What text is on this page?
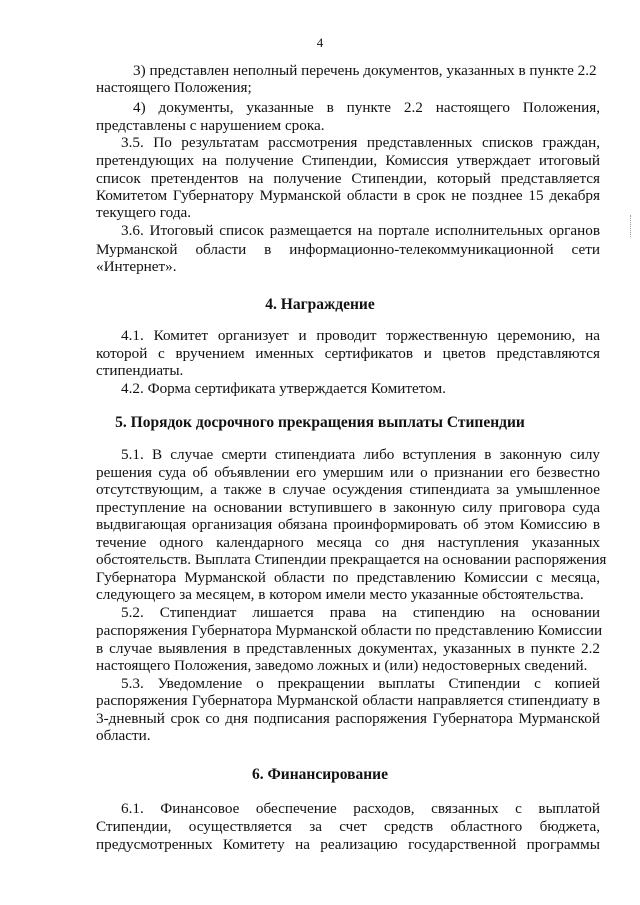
4
3) представлен неполный перечень документов, указанных в пункте 2.2
настоящего Положения;
4) документы, указанные в пункте 2.2 настоящего Положения,
представлены с нарушением срока.
3.5. По результатам рассмотрения представленных списков граждан,
претендующих на получение Стипендии, Комиссия утверждает итоговый
список претендентов на получение Стипендии, который представляется
Комитетом Губернатору Мурманской области в срок не позднее 15 декабря
текущего года.
3.6. Итоговый список размещается на портале исполнительных органов
Мурманской области в информационно-телекоммуникационной сети
«Интернет».
4. Награждение
4.1. Комитет организует и проводит торжественную церемонию, на
которой с вручением именных сертификатов и цветов представляются
стипендиаты.
4.2. Форма сертификата утверждается Комитетом.
5. Порядок досрочного прекращения выплаты Стипендии
5.1. В случае смерти стипендиата либо вступления в законную силу
решения суда об объявлении его умершим или о признании его безвестно
отсутствующим, а также в случае осуждения стипендиата за умышленное
преступление на основании вступившего в законную силу приговора суда
выдвигающая организация обязана проинформировать об этом Комиссию в
течение одного календарного месяца со дня наступления указанных
обстоятельств. Выплата Стипендии прекращается на основании распоряжения
Губернатора Мурманской области по представлению Комиссии с месяца,
следующего за месяцем, в котором имели место указанные обстоятельства.
5.2. Стипендиат лишается права на стипендию на основании
распоряжения Губернатора Мурманской области по представлению Комиссии
в случае выявления в представленных документах, указанных в пункте 2.2
настоящего Положения, заведомо ложных и (или) недостоверных сведений.
5.3. Уведомление о прекращении выплаты Стипендии с копией
распоряжения Губернатора Мурманской области направляется стипендиату в
3-дневный срок со дня подписания распоряжения Губернатора Мурманской
области.
6. Финансирование
6.1. Финансовое обеспечение расходов, связанных с выплатой
Стипендии, осуществляется за счет средств областного бюджета,
предусмотренных Комитету на реализацию государственной программы
